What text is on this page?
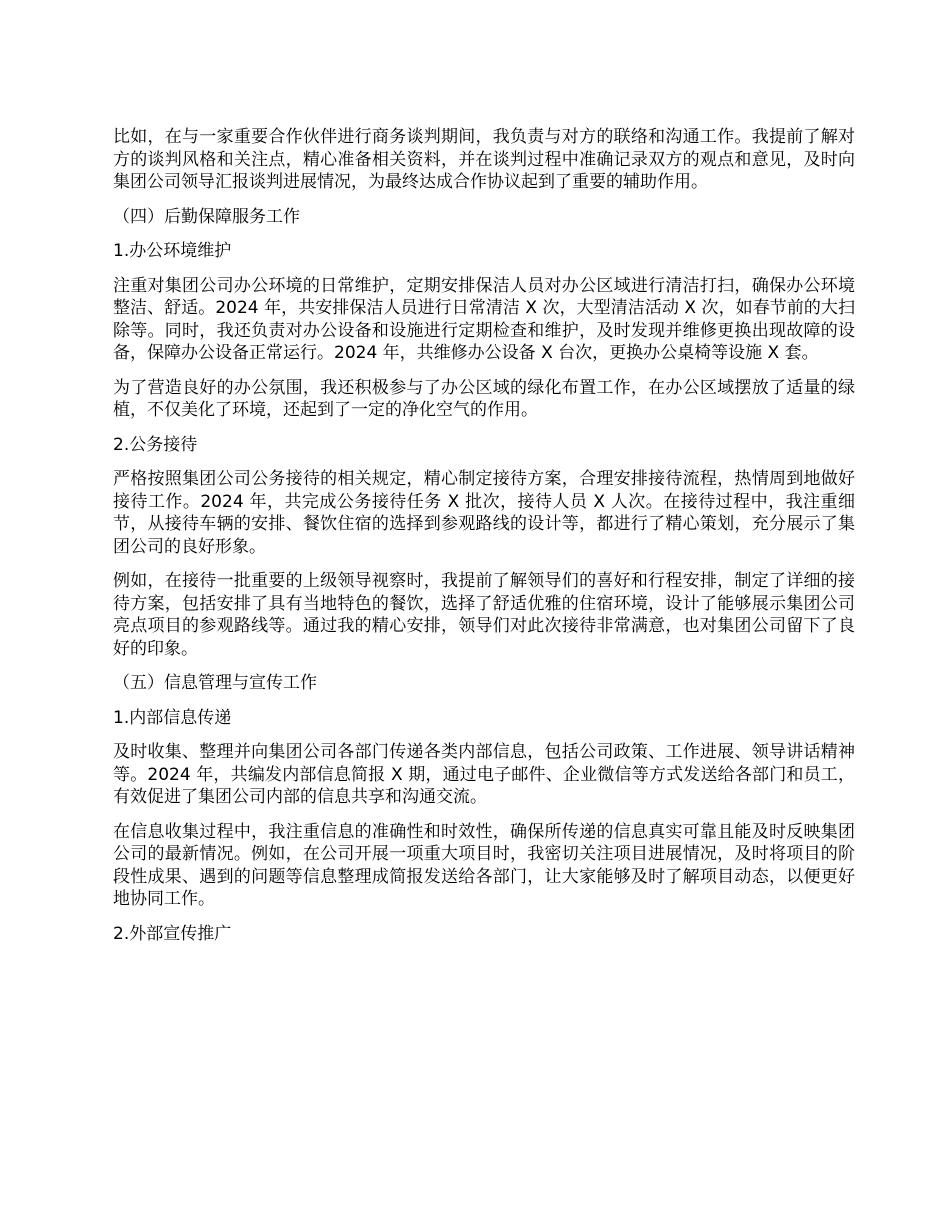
比如，在与一家重要合作伙伴进行商务谈判期间，我负责与对方的联络和沟通工作。我提前了解对方的谈判风格和关注点，精心准备相关资料，并在谈判过程中准确记录双方的观点和意见，及时向集团公司领导汇报谈判进展情况，为最终达成合作协议起到了重要的辅助作用。

（四）后勤保障服务工作

1.办公环境维护

注重对集团公司办公环境的日常维护，定期安排保洁人员对办公区域进行清洁打扫，确保办公环境整洁、舒适。2024 年，共安排保洁人员进行日常清洁 X 次，大型清洁活动 X 次，如春节前的大扫除等。同时，我还负责对办公设备和设施进行定期检查和维护，及时发现并维修更换出现故障的设备，保障办公设备正常运行。2024 年，共维修办公设备 X 台次，更换办公桌椅等设施 X 套。

为了营造良好的办公氛围，我还积极参与了办公区域的绿化布置工作，在办公区域摆放了适量的绿植，不仅美化了环境，还起到了一定的净化空气的作用。

2.公务接待

严格按照集团公司公务接待的相关规定，精心制定接待方案，合理安排接待流程，热情周到地做好接待工作。2024 年，共完成公务接待任务 X 批次，接待人员 X 人次。在接待过程中，我注重细节，从接待车辆的安排、餐饮住宿的选择到参观路线的设计等，都进行了精心策划，充分展示了集团公司的良好形象。

例如，在接待一批重要的上级领导视察时，我提前了解领导们的喜好和行程安排，制定了详细的接待方案，包括安排了具有当地特色的餐饮，选择了舒适优雅的住宿环境，设计了能够展示集团公司亮点项目的参观路线等。通过我的精心安排，领导们对此次接待非常满意，也对集团公司留下了良好的印象。

（五）信息管理与宣传工作

1.内部信息传递

及时收集、整理并向集团公司各部门传递各类内部信息，包括公司政策、工作进展、领导讲话精神等。2024 年，共编发内部信息简报 X 期，通过电子邮件、企业微信等方式发送给各部门和员工，有效促进了集团公司内部的信息共享和沟通交流。

在信息收集过程中，我注重信息的准确性和时效性，确保所传递的信息真实可靠且能及时反映集团公司的最新情况。例如，在公司开展一项重大项目时，我密切关注项目进展情况，及时将项目的阶段性成果、遇到的问题等信息整理成简报发送给各部门，让大家能够及时了解项目动态，以便更好地协同工作。

2.外部宣传推广
